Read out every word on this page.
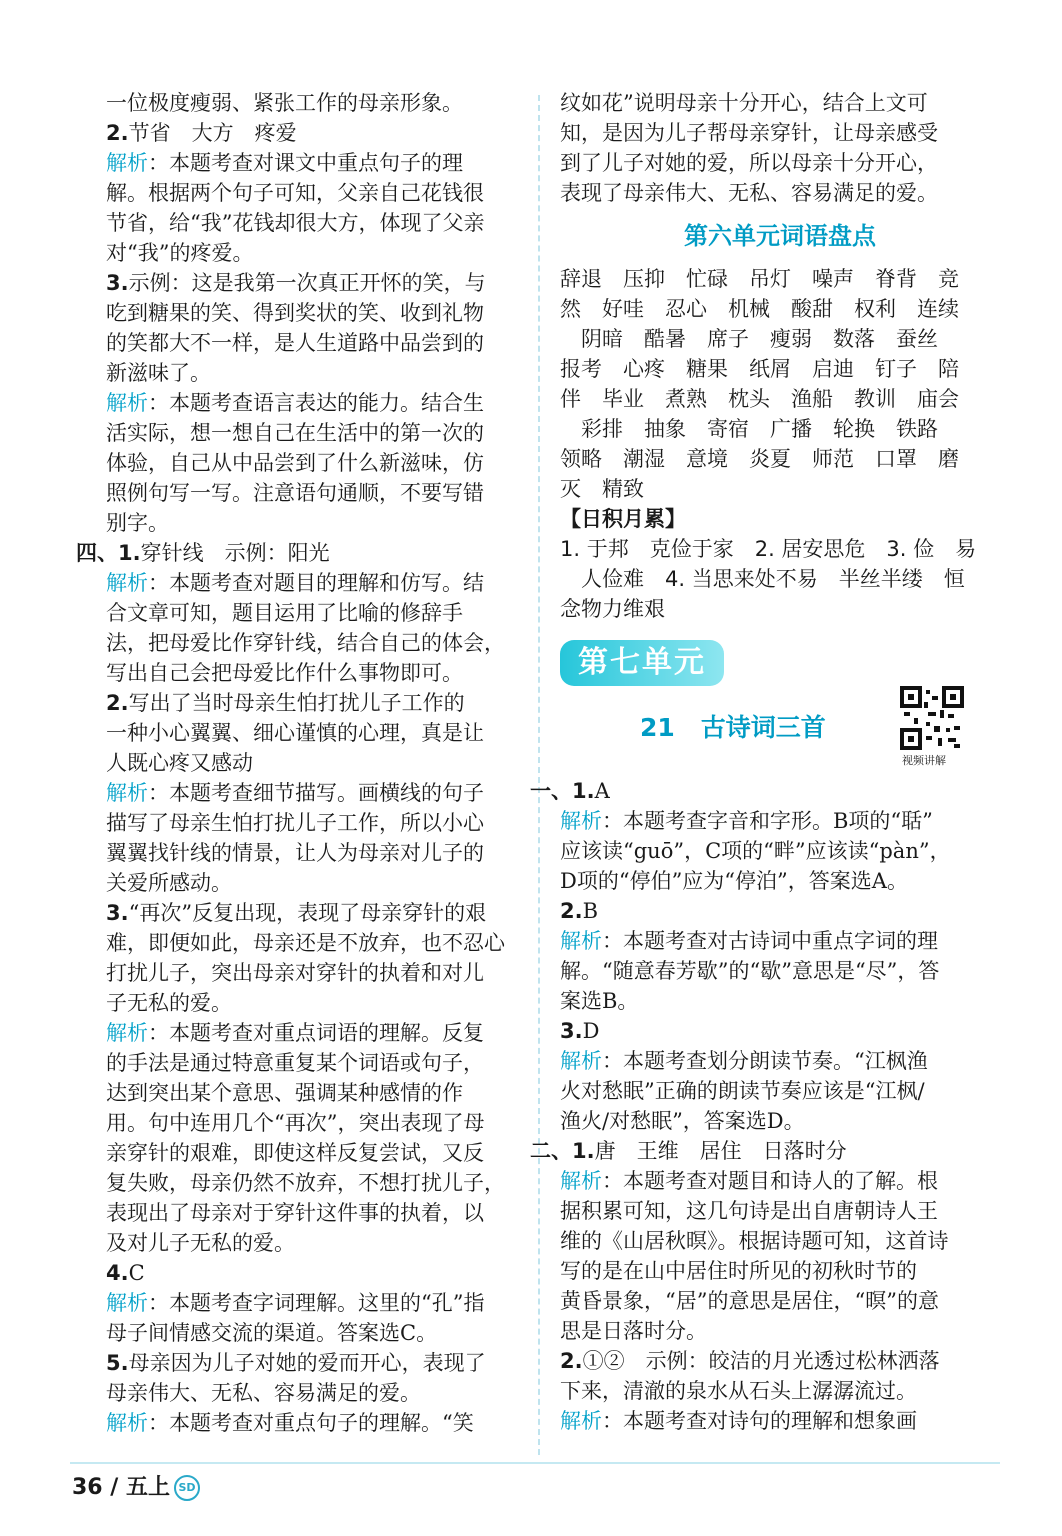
一位极度瘦弱、紧张工作的母亲形象。
2.节省　大方　疼爱
解析：本题考查对课文中重点句子的理
解。根据两个句子可知，父亲自己花钱很
节省，给“我”花钱却很大方，体现了父亲
对“我”的疼爱。
3.示例：这是我第一次真正开怀的笑，与
吃到糖果的笑、得到奖状的笑、收到礼物
的笑都大不一样，是人生道路中品尝到的
新滋味了。
解析：本题考查语言表达的能力。结合生
活实际，想一想自己在生活中的第一次的
体验，自己从中品尝到了什么新滋味，仿
照例句写一写。注意语句通顺，不要写错
别字。
四、1.穿针线　示例：阳光
解析：本题考查对题目的理解和仿写。结
合文章可知，题目运用了比喻的修辞手
法，把母爱比作穿针线，结合自己的体会，
写出自己会把母爱比作什么事物即可。
2.写出了当时母亲生怕打扰儿子工作的
一种小心翼翼、细心谨慎的心理，真是让
人既心疼又感动
解析：本题考查细节描写。画横线的句子
描写了母亲生怕打扰儿子工作，所以小心
翼翼找针线的情景，让人为母亲对儿子的
关爱所感动。
3.“再次”反复出现，表现了母亲穿针的艰
难，即便如此，母亲还是不放弃，也不忍心
打扰儿子，突出母亲对穿针的执着和对儿
子无私的爱。
解析：本题考查对重点词语的理解。反复
的手法是通过特意重复某个词语或句子，
达到突出某个意思、强调某种感情的作
用。句中连用几个“再次”，突出表现了母
亲穿针的艰难，即使这样反复尝试，又反
复失败，母亲仍然不放弃，不想打扰儿子，
表现出了母亲对于穿针这件事的执着，以
及对儿子无私的爱。
4.C
解析：本题考查字词理解。这里的“孔”指
母子间情感交流的渠道。答案选C。
5.母亲因为儿子对她的爱而开心，表现了
母亲伟大、无私、容易满足的爱。
解析：本题考查对重点句子的理解。“笑
纹如花”说明母亲十分开心，结合上文可
知，是因为儿子帮母亲穿针，让母亲感受
到了儿子对她的爱，所以母亲十分开心，
表现了母亲伟大、无私、容易满足的爱。
第六单元词语盘点
辞退　压抑　忙碌　吊灯　噪声　脊背　竞
然　好哇　忍心　机械　酸甜　权利　连续
　阴暗　酷暑　席子　瘦弱　数落　蚕丝
报考　心疼　糖果　纸屑　启迪　钉子　陪
伴　毕业　煮熟　枕头　渔船　教训　庙会
　彩排　抽象　寄宿　广播　轮换　铁路
领略　潮湿　意境　炎夏　师范　口罩　磨
灭　精致
【日积月累】
1. 于邦　克俭于家　2. 居安思危　3. 俭　易
　人俭难　4. 当思来处不易　半丝半缕　恒
念物力维艰
第七单元
21 古诗词三首
视频讲解
一、1.A
解析：本题考查字音和字形。B项的“聒”
应该读“guō”，C项的“畔”应该读“pàn”，
D项的“停伯”应为“停泊”，答案选A。
2.B
解析：本题考查对古诗词中重点字词的理
解。“随意春芳歇”的“歇”意思是“尽”，答
案选B。
3.D
解析：本题考查划分朗读节奏。“江枫渔
火对愁眠”正确的朗读节奏应该是“江枫/
渔火/对愁眠”，答案选D。
二、1.唐　王维　居住　日落时分
解析：本题考查对题目和诗人的了解。根
据积累可知，这几句诗是出自唐朝诗人王
维的《山居秋暝》。根据诗题可知，这首诗
写的是在山中居住时所见的初秋时节的
黄昏景象，“居”的意思是居住，“暝”的意
思是日落时分。
2.①②　示例：皎洁的月光透过松林洒落
下来，清澈的泉水从石头上潺潺流过。
解析：本题考查对诗句的理解和想象画
36 / 五上 SD
